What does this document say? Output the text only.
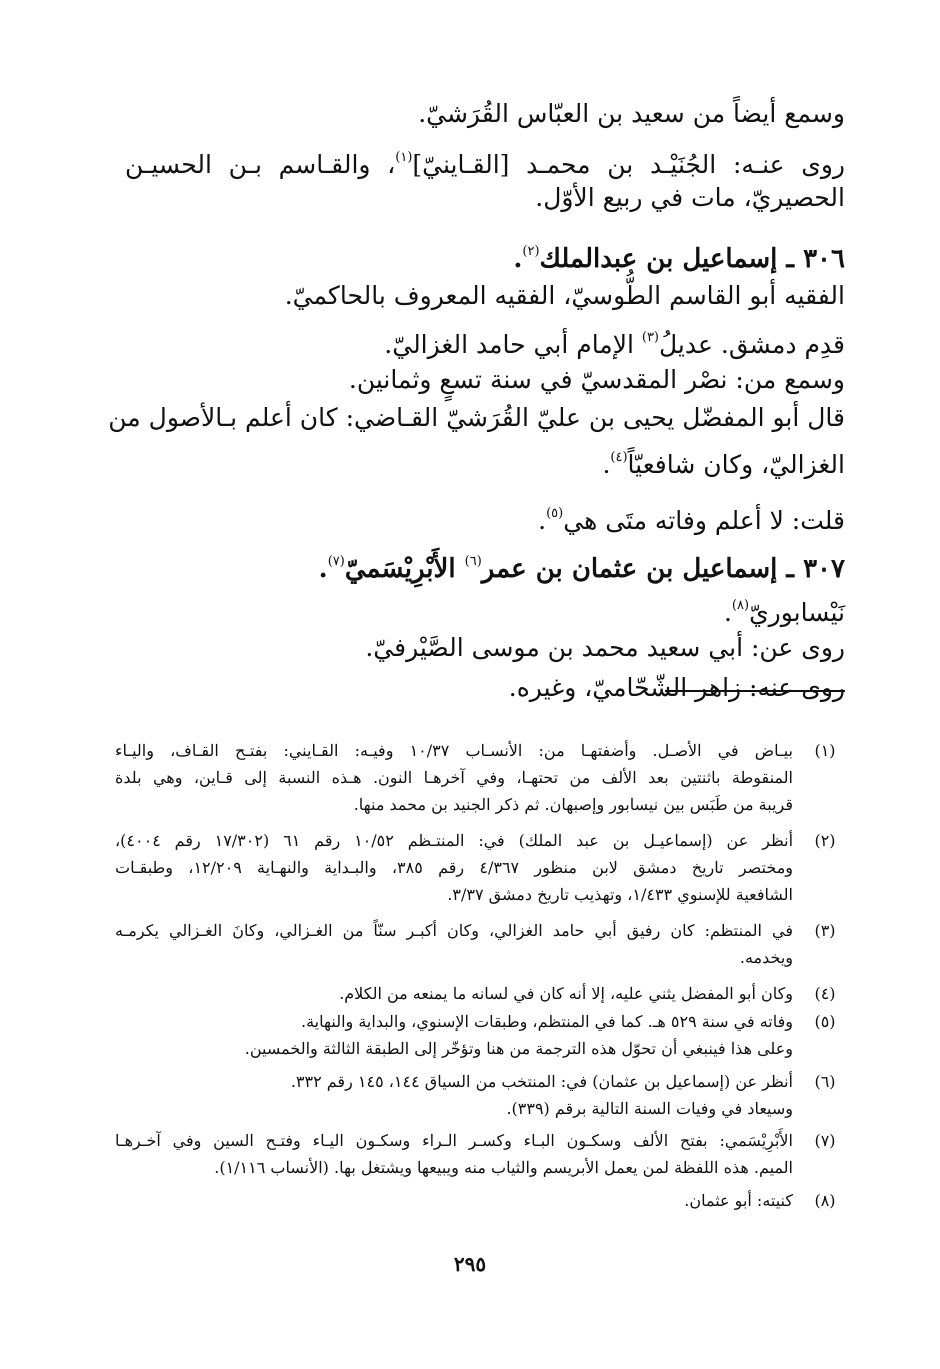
وسمع أيضاً من سعيد بن العبّاس القُرَشيّ.
روى عنـه: الجُنَيْـد بن محمـد [القـاينيّ]$^{(١)}$، والقـاسم بـن الحسيـن
الحصيريّ، مات في ربيع الأوّل.
٣٠٦ ـ إسماعيل بن عبدالملك$^{(٢)}$.
الفقيه أبو القاسم الطُّوسيّ، الفقيه المعروف بالحاكميّ.
قدِم دمشق. عديلُ$^{(٣)}$ الإمام أبي حامد الغزاليّ.
وسمع من: نصْر المقدسيّ في سنة تسعٍ وثمانين.
قال أبو المفضّل يحيى بن عليّ القُرَشيّ القـاضي: كان أعلم بـالأصول من
الغزاليّ، وكان شافعيّاً$^{(٤)}$.
قلت: لا أعلم وفاته متَى هي$^{(٥)}$.
٣٠٧ ـ إسماعيل بن عثمان بن عمر$^{(٦)}$ الأَبْرِيْسَميّ$^{(٧)}$.
نَيْسابوريّ$^{(٨)}$.
روى عن: أبي سعيد محمد بن موسى الصَّيْرفيّ.
روى عنه: زاهر الشّحّاميّ، وغيره.
(١)
بيـاض في الأصـل. وأضفتهـا من: الأنسـاب ١٠/٣٧ وفيـه: القـايني: بفتـح القـاف، واليـاء
المنقوطة باثنتين بعد الألف من تحتهـا، وفي آخرهـا النون. هـذه النسبة إلى قـاين، وهي بلدة
قريبة من طَبَس بين نيسابور وإصبهان. ثم ذكر الجنيد بن محمد منها.
(٢)
أنظر عن (إسماعيـل بن عبد الملك) في: المنتـظم ١٠/٥٢ رقم ٦١ (١٧/٣٠٢ رقم ٤٠٠٤)،
ومختصر تاريخ دمشق لابن منظور ٤/٣٦٧ رقم ٣٨٥، والبـداية والنهـاية ١٢/٢٠٩، وطبقـات
الشافعية للإسنوي ١/٤٣٣، وتهذيب تاريخ دمشق ٣/٣٧.
(٣)
في المنتظم: كان رفيق أبي حامد الغزالي، وكان أكبـر سنّاً من الغـزالي، وكانَ الغـزالي يكرمـه
ويخدمه.
(٤)
وكان أبو المفضل يثني عليه، إلا أنه كان في لسانه ما يمنعه من الكلام.
(٥)
وفاته في سنة ٥٢٩ هـ. كما في المنتظم، وطبقات الإسنوي، والبداية والنهاية.
وعلى هذا فينبغي أن تحوّل هذه الترجمة من هنا وتؤخّر إلى الطبقة الثالثة والخمسين.
(٦)
أنظر عن (إسماعيل بن عثمان) في: المنتخب من السياق ١٤٤، ١٤٥ رقم ٣٣٢.
وسيعاد في وفيات السنة التالية برقم (٣٣٩).
(٧)
الأَبْرِيْسَمي: بفتح الألف وسكـون البـاء وكسـر الـراء وسكـون اليـاء وفتـح السين وفي آخـرهـا
الميم. هذه اللفظة لمن يعمل الأبريسم والثياب منه ويبيعها ويشتغل بها. (الأنساب ١/١١٦).
(٨)
كنيته: أبو عثمان.
٢٩٥
